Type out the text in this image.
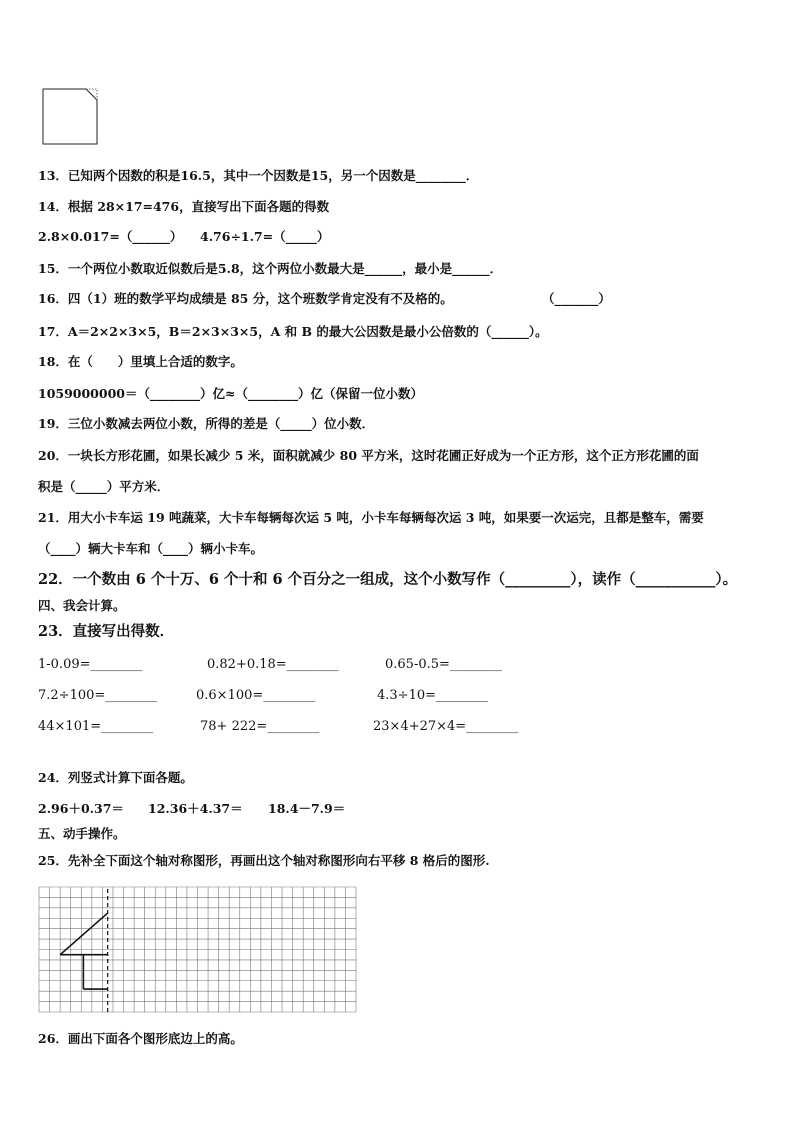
13．已知两个因数的积是16.5，其中一个因数是15，另一个因数是________．
14．根据 28×17=476，直接写出下面各题的得数
2.8×0.017=（______） 4.76÷1.7=（_____）
15．一个两位小数取近似数后是5.8，这个两位小数最大是______，最小是______．
16．四（1）班的数学平均成绩是 85 分，这个班数学肯定没有不及格的。	（_______）
17．A＝2×2×3×5，B＝2×3×3×5，A 和 B 的最大公因数是最小公倍数的（______）。
18．在（　　）里填上合适的数字。
1059000000＝（________）亿≈（________）亿（保留一位小数）
19．三位小数减去两位小数，所得的差是（_____）位小数．
20．一块长方形花圃，如果长减少 5 米，面积就减少 80 平方米，这时花圃正好成为一个正方形，这个正方形花圃的面
积是（_____）平方米．
21．用大小卡车运 19 吨蔬菜，大卡车每辆每次运 5 吨，小卡车每辆每次运 3 吨，如果要一次运完，且都是整车，需要
（____）辆大卡车和（____）辆小卡车。
22．一个数由 6 个十万、6 个十和 6 个百分之一组成，这个小数写作（_________），读作（___________）。
四、我会计算。
23．直接写出得数．
1-0.09=________	0.82+0.18=________	0.65-0.5=________
7.2÷100=________	0.6×100=________	4.3÷10=________
44×101=________	78+ 222=________	23×4+27×4=________
24．列竖式计算下面各题。
2.96＋0.37＝ 12.36＋4.37＝ 18.4－7.9＝
五、动手操作。
25．先补全下面这个轴对称图形，再画出这个轴对称图形向右平移 8 格后的图形.
26．画出下面各个图形底边上的高。
